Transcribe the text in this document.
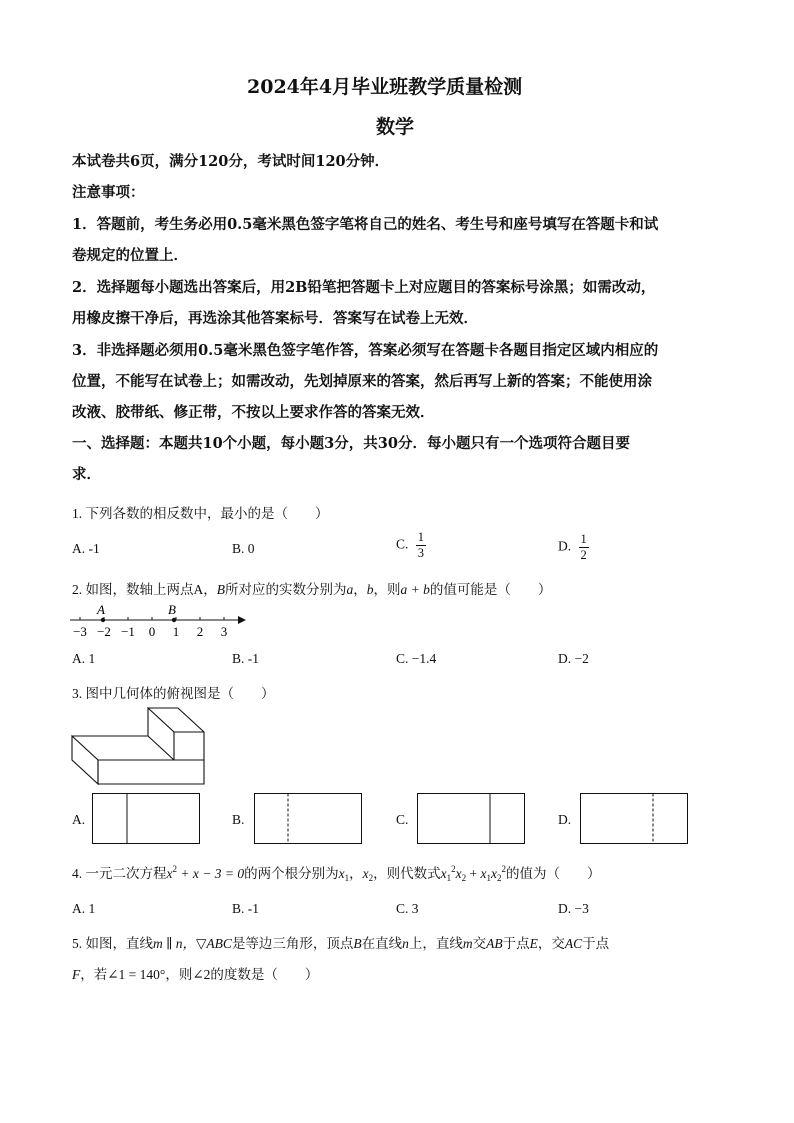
2024年4月毕业班教学质量检测
数学
本试卷共6页，满分120分，考试时间120分钟．
注意事项：
1．答题前，考生务必用0.5毫米黑色签字笔将自己的姓名、考生号和座号填写在答题卡和试
卷规定的位置上．
2．选择题每小题选出答案后，用2B铅笔把答题卡上对应题目的答案标号涂黑；如需改动，
用橡皮擦干净后，再选涂其他答案标号．答案写在试卷上无效．
3．非选择题必须用0.5毫米黑色签字笔作答，答案必须写在答题卡各题目指定区域内相应的
位置，不能写在试卷上；如需改动，先划掉原来的答案，然后再写上新的答案；不能使用涂
改液、胶带纸、修正带，不按以上要求作答的答案无效．
一、选择题：本题共10个小题，每小题3分，共30分．每小题只有一个选项符合题目要
求．
1. 下列各数的相反数中，最小的是（　　）
A. -1	B. 0	C. $\frac{1}{3}$	D. $\frac{1}{2}$
2. 如图，数轴上两点A，B所对应的实数分别为a，b，则a + b的值可能是（　　）
A	B
−3 −2 −1 0 1 2 3
A. 1	B. -1	C. −1.4	D. −2
3. 图中几何体的俯视图是（　　）
A.	B.	C.	D.
4. 一元二次方程$x^2 + x - 3 = 0$的两个根分别为$x_1$，$x_2$，则代数式$x_1^2x_2 + x_1x_2^2$的值为（　　）
A. 1	B. -1	C. 3	D. −3
5. 如图，直线m ∥ n，▽ABC是等边三角形，顶点B在直线n上，直线m交AB于点E，交AC于点
F，若∠1 = 140°，则∠2的度数是（　　）
